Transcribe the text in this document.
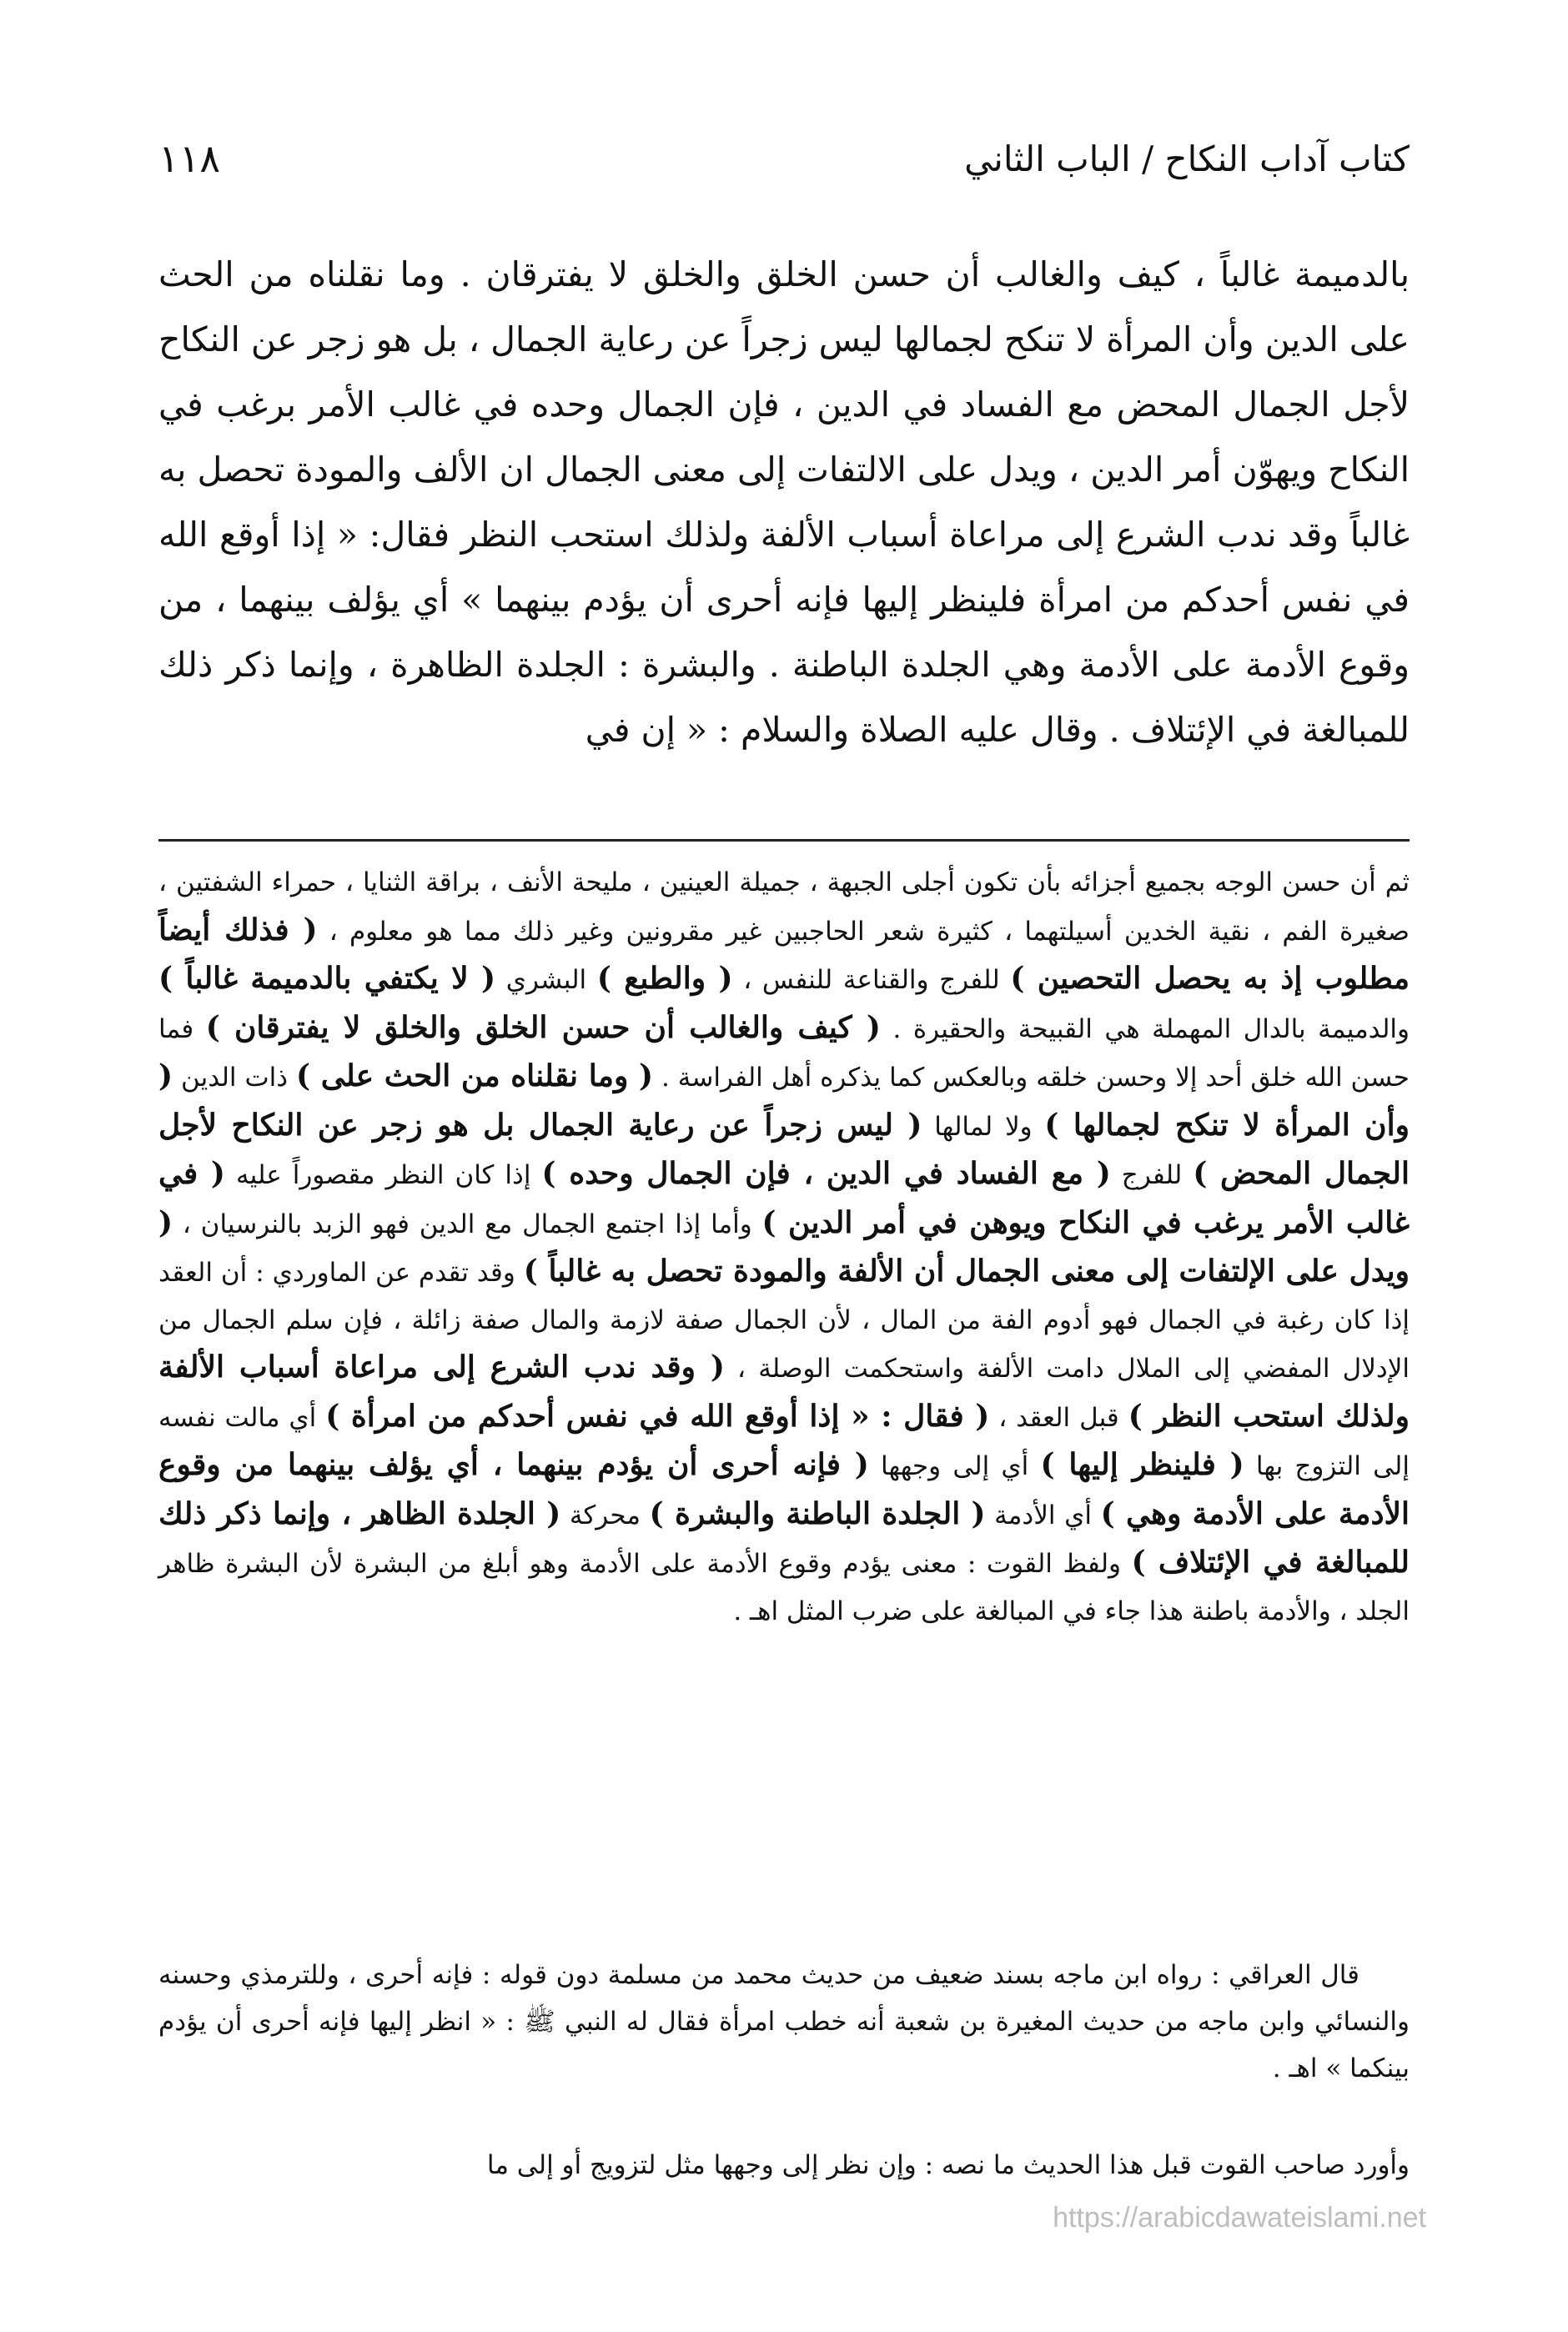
١١٨	كتاب آداب النكاح / الباب الثاني

بالدميمة غالباً ، كيف والغالب أن حسن الخلق والخلق لا يفترقان . وما نقلناه من الحث على الدين وأن المرأة لا تنكح لجمالها ليس زجراً عن رعاية الجمال ، بل هو زجر عن النكاح لأجل الجمال المحض مع الفساد في الدين ، فإن الجمال وحده في غالب الأمر برغب في النكاح ويهوّن أمر الدين ، ويدل على الالتفات إلى معنى الجمال ان الألف والمودة تحصل به غالباً وقد ندب الشرع إلى مراعاة أسباب الألفة ولذلك استحب النظر فقال: « إذا أوقع الله في نفس أحدكم من امرأة فلينظر إليها فإنه أحرى أن يؤدم بينهما » أي يؤلف بينهما ، من وقوع الأدمة على الأدمة وهي الجلدة الباطنة . والبشرة : الجلدة الظاهرة ، وإنما ذكر ذلك للمبالغة في الإئتلاف . وقال عليه الصلاة والسلام : « إن في

ثم أن حسن الوجه بجميع أجزائه بأن تكون أجلى الجبهة ، جميلة العينين ، مليحة الأنف ، براقة الثنايا ، حمراء الشفتين ، صغيرة الفم ، نقية الخدين أسيلتهما ، كثيرة شعر الحاجبين غير مقرونين وغير ذلك مما هو معلوم ، ( فذلك أيضاً مطلوب إذ به يحصل التحصين ) للفرج والقناعة للنفس ، ( والطبع ) البشري ( لا يكتفي بالدميمة غالباً ) والدميمة بالدال المهملة هي القبيحة والحقيرة . ( كيف والغالب أن حسن الخلق والخلق لا يفترقان ) فما حسن الله خلق أحد إلا وحسن خلقه وبالعكس كما يذكره أهل الفراسة . ( وما نقلناه من الحث على ) ذات الدين ( وأن المرأة لا تنكح لجمالها ) ولا لمالها ( ليس زجراً عن رعاية الجمال بل هو زجر عن النكاح لأجل الجمال المحض ) للفرج ( مع الفساد في الدين ، فإن الجمال وحده ) إذا كان النظر مقصوراً عليه ( في غالب الأمر يرغب في النكاح ويوهن في أمر الدين ) وأما إذا اجتمع الجمال مع الدين فهو الزبد بالنرسيان ، ( ويدل على الإلتفات إلى معنى الجمال أن الألفة والمودة تحصل به غالباً ) وقد تقدم عن الماوردي : أن العقد إذا كان رغبة في الجمال فهو أدوم الفة من المال ، لأن الجمال صفة لازمة والمال صفة زائلة ، فإن سلم الجمال من الإدلال المفضي إلى الملال دامت الألفة واستحكمت الوصلة ، ( وقد ندب الشرع إلى مراعاة أسباب الألفة ولذلك استحب النظر ) قبل العقد ، ( فقال : « إذا أوقع الله في نفس أحدكم من امرأة ) أي مالت نفسه إلى التزوج بها ( فلينظر إليها ) أي إلى وجهها ( فإنه أحرى أن يؤدم بينهما ، أي يؤلف بينهما من وقوع الأدمة على الأدمة وهي ) أي الأدمة ( الجلدة الباطنة والبشرة ) محركة ( الجلدة الظاهر ، وإنما ذكر ذلك للمبالغة في الإئتلاف ) ولفظ القوت : معنى يؤدم وقوع الأدمة على الأدمة وهو أبلغ من البشرة لأن البشرة ظاهر الجلد ، والأدمة باطنة هذا جاء في المبالغة على ضرب المثل اهـ .

قال العراقي : رواه ابن ماجه بسند ضعيف من حديث محمد من مسلمة دون قوله : فإنه أحرى ، وللترمذي وحسنه والنسائي وابن ماجه من حديث المغيرة بن شعبة أنه خطب امرأة فقال له النبي ﷺ : « انظر إليها فإنه أحرى أن يؤدم بينكما » اهـ .

وأورد صاحب القوت قبل هذا الحديث ما نصه : وإن نظر إلى وجهها مثل لتزويج أو إلى ما

https://arabicdawateislami.net
